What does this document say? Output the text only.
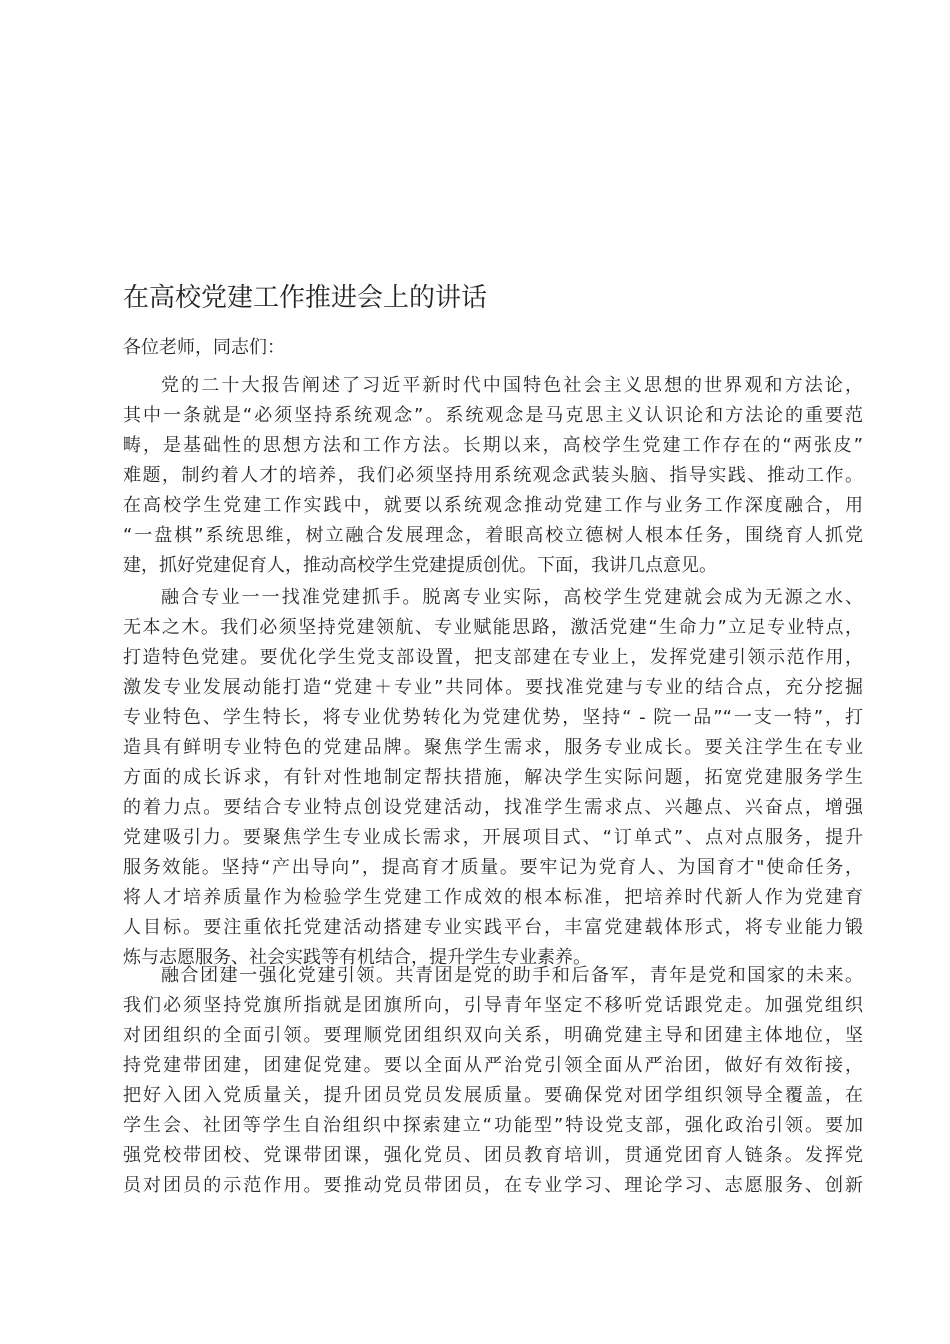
在高校党建工作推进会上的讲话

各位老师，同志们：

党的二十大报告阐述了习近平新时代中国特色社会主义思想的世界观和方法论，
其中一条就是“必须坚持系统观念”。系统观念是马克思主义认识论和方法论的重要范
畴，是基础性的思想方法和工作方法。长期以来，高校学生党建工作存在的“两张皮”
难题，制约着人才的培养，我们必须坚持用系统观念武装头脑、指导实践、推动工作。
在高校学生党建工作实践中，就要以系统观念推动党建工作与业务工作深度融合，用
“一盘棋”系统思维，树立融合发展理念，着眼高校立德树人根本任务，围绕育人抓党
建，抓好党建促育人，推动高校学生党建提质创优。下面，我讲几点意见。
融合专业一一找准党建抓手。脱离专业实际，高校学生党建就会成为无源之水、
无本之木。我们必须坚持党建领航、专业赋能思路，激活党建“生命力”立足专业特点，
打造特色党建。要优化学生党支部设置，把支部建在专业上，发挥党建引领示范作用，
激发专业发展动能打造“党建＋专业”共同体。要找准党建与专业的结合点，充分挖掘
专业特色、学生特长，将专业优势转化为党建优势，坚持“ - 院一品”“一支一特”，打
造具有鲜明专业特色的党建品牌。聚焦学生需求，服务专业成长。要关注学生在专业
方面的成长诉求，有针对性地制定帮扶措施，解决学生实际问题，拓宽党建服务学生
的着力点。要结合专业特点创设党建活动，找准学生需求点、兴趣点、兴奋点，增强
党建吸引力。要聚焦学生专业成长需求，开展项目式、“订单式”、点对点服务，提升
服务效能。坚持“产出导向”，提高育才质量。要牢记为党育人、为国育才"使命任务，
将人才培养质量作为检验学生党建工作成效的根本标准，把培养时代新人作为党建育
人目标。要注重依托党建活动搭建专业实践平台，丰富党建载体形式，将专业能力锻
炼与志愿服务、社会实践等有机结合，提升学生专业素养。
融合团建一强化党建引领。共青团是党的助手和后备军，青年是党和国家的未来。
我们必须坚持党旗所指就是团旗所向，引导青年坚定不移听党话跟党走。加强党组织
对团组织的全面引领。要理顺党团组织双向关系，明确党建主导和团建主体地位，坚
持党建带团建，团建促党建。要以全面从严治党引领全面从严治团，做好有效衔接，
把好入团入党质量关，提升团员党员发展质量。要确保党对团学组织领导全覆盖，在
学生会、社团等学生自治组织中探索建立“功能型”特设党支部，强化政治引领。要加
强党校带团校、党课带团课，强化党员、团员教育培训，贯通党团育人链条。发挥党
员对团员的示范作用。要推动党员带团员，在专业学习、理论学习、志愿服务、创新
